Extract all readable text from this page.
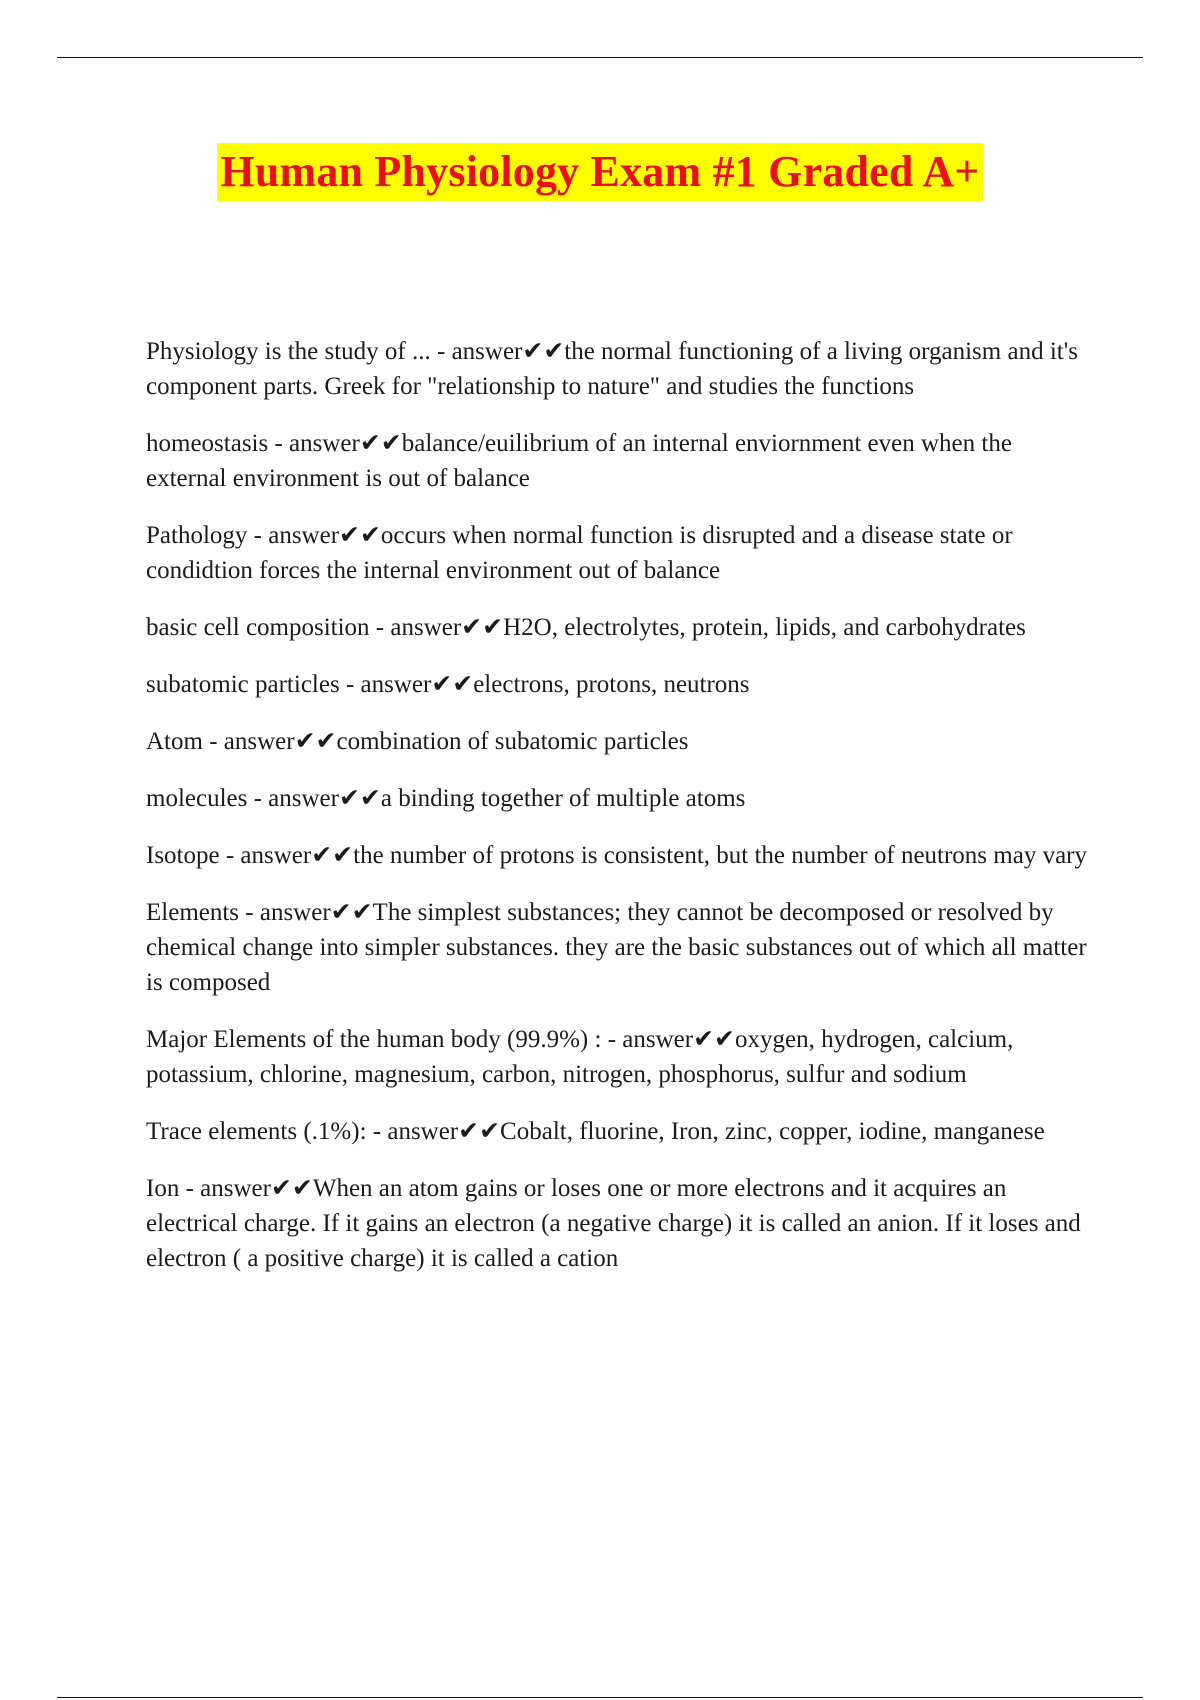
Human Physiology Exam #1 Graded A+

Physiology is the study of ... - answer✔✔the normal functioning of a living organism and it's component parts. Greek for "relationship to nature" and studies the functions

homeostasis - answer✔✔balance/euilibrium of an internal enviornment even when the external environment is out of balance

Pathology - answer✔✔occurs when normal function is disrupted and a disease state or condidtion forces the internal environment out of balance

basic cell composition - answer✔✔H2O, electrolytes, protein, lipids, and carbohydrates

subatomic particles - answer✔✔electrons, protons, neutrons

Atom - answer✔✔combination of subatomic particles

molecules - answer✔✔a binding together of multiple atoms

Isotope - answer✔✔the number of protons is consistent, but the number of neutrons may vary

Elements - answer✔✔The simplest substances; they cannot be decomposed or resolved by chemical change into simpler substances. they are the basic substances out of which all matter is composed

Major Elements of the human body (99.9%) : - answer✔✔oxygen, hydrogen, calcium, potassium, chlorine, magnesium, carbon, nitrogen, phosphorus, sulfur and sodium

Trace elements (.1%): - answer✔✔Cobalt, fluorine, Iron, zinc, copper, iodine, manganese

Ion - answer✔✔When an atom gains or loses one or more electrons and it acquires an electrical charge. If it gains an electron (a negative charge) it is called an anion. If it loses and electron ( a positive charge) it is called a cation
